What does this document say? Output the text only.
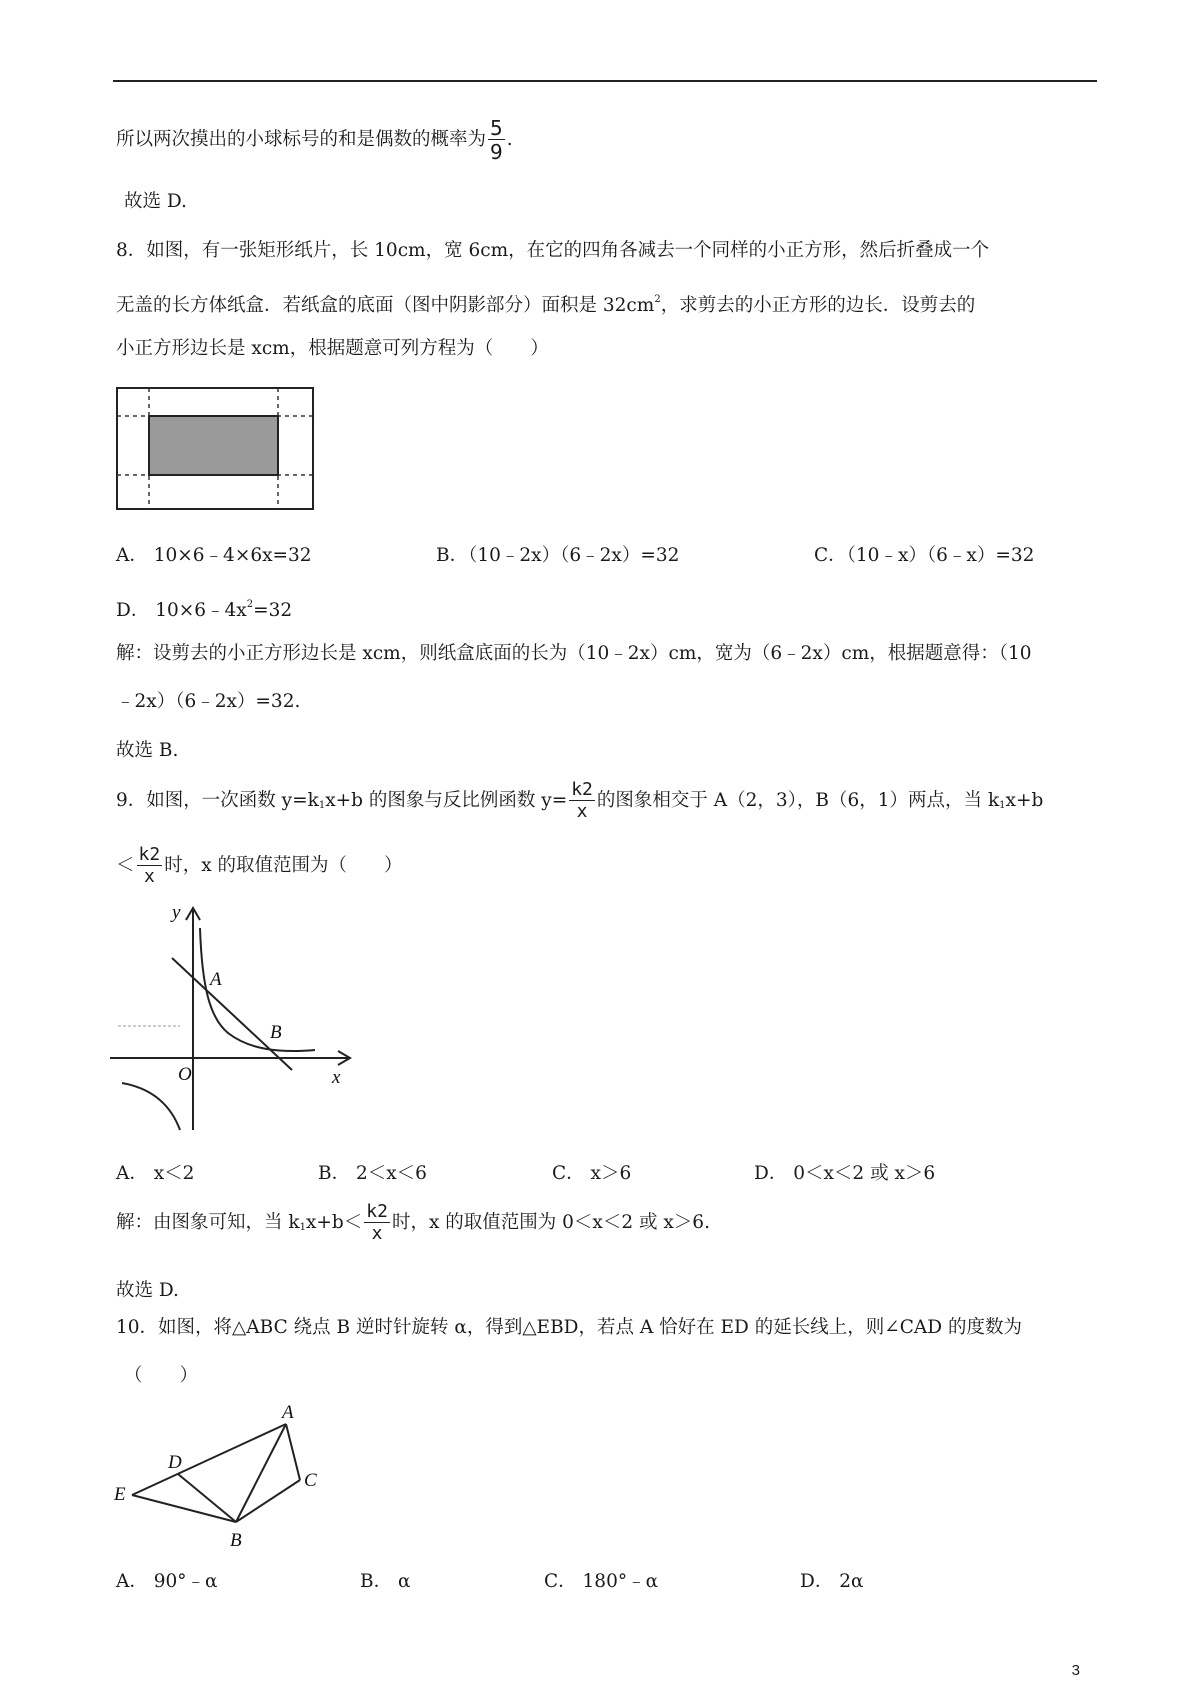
所以两次摸出的小球标号的和是偶数的概率为 $\frac{5}{9}$ .
故选 D.
8．如图，有一张矩形纸片，长 10cm，宽 6cm，在它的四角各减去一个同样的小正方形，然后折叠成一个
无盖的长方体纸盒．若纸盒的底面（图中阴影部分）面积是 $32cm^2$，求剪去的小正方形的边长．设剪去的
小正方形边长是 xcm，根据题意可列方程为（　　）
A． 10×6﹣4×6x=32	B．（10﹣2x）（6﹣2x）=32	C．（10﹣x）（6﹣x）=32
D． $10\times 6﹣4x^2=32$
解：设剪去的小正方形边长是 xcm，则纸盒底面的长为（10﹣2x）cm，宽为（6﹣2x）cm，根据题意得：（10
﹣2x）（6﹣2x）=32.
故选 B.
9．如图，一次函数 $y=k_1x+b$ 的图象与反比例函数 $y= \frac{k2}{x}$ 的图象相交于 A（2，3），B（6，1）两点，当 $k_1x+b$
＜ $\frac{k2}{x}$ 时，x 的取值范围为（　　）
y
x
O
A
B
A． x＜2	B． 2＜x＜6	C． x＞6	D． 0＜x＜2 或 x＞6
解：由图象可知，当 $k_1x+b< \frac{k2}{x}$ 时，x 的取值范围为 0＜x＜2 或 x＞6.
故选 D.
10．如图，将△ABC 绕点 B 逆时针旋转 α，得到△EBD，若点 A 恰好在 ED 的延长线上，则∠CAD 的度数为
（　　）
A
B
C
D
E
A． 90°﹣α	B． α	C． 180°﹣α	D． 2α
3
